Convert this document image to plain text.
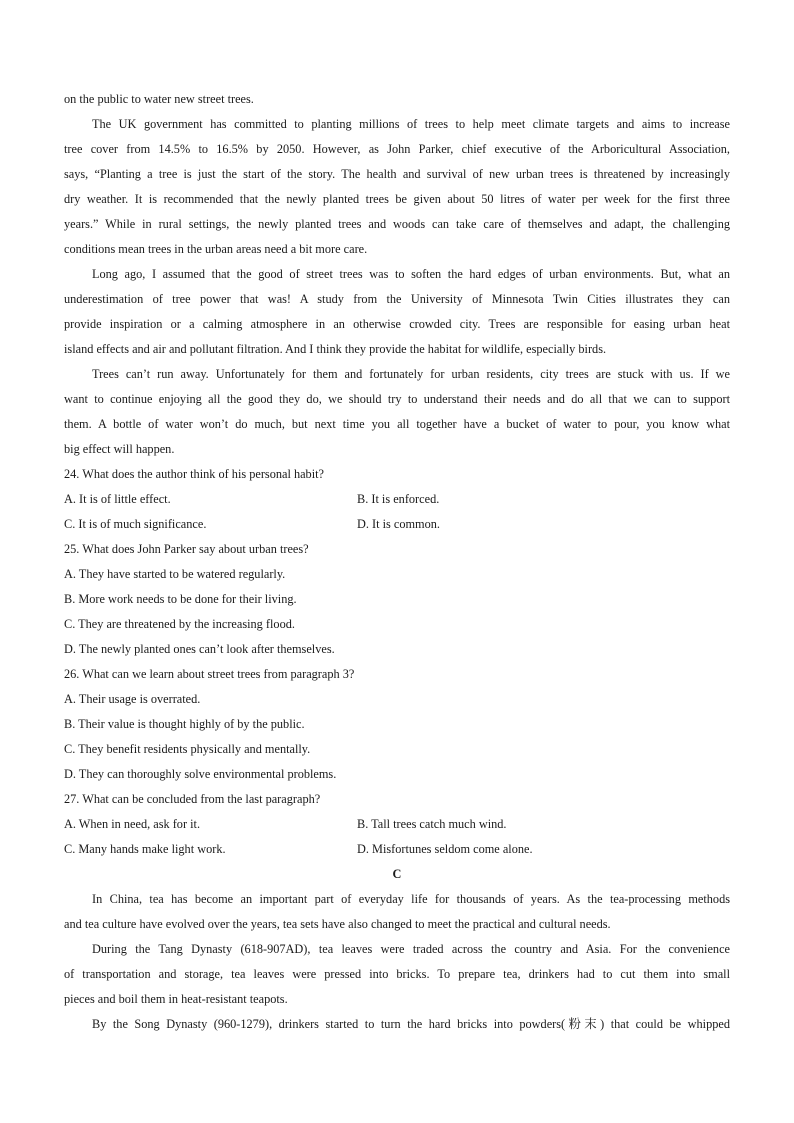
on the public to water new street trees.
The UK government has committed to planting millions of trees to help meet climate targets and aims to increase
tree cover from 14.5% to 16.5% by 2050. However, as John Parker, chief executive of the Arboricultural Association,
says, “Planting a tree is just the start of the story. The health and survival of new urban trees is threatened by increasingly
dry weather. It is recommended that the newly planted trees be given about 50 litres of water per week for the first three
years.” While in rural settings, the newly planted trees and woods can take care of themselves and adapt, the challenging
conditions mean trees in the urban areas need a bit more care.
Long ago, I assumed that the good of street trees was to soften the hard edges of urban environments. But, what an
underestimation of tree power that was! A study from the University of Minnesota Twin Cities illustrates they can
provide inspiration or a calming atmosphere in an otherwise crowded city. Trees are responsible for easing urban heat
island effects and air and pollutant filtration. And I think they provide the habitat for wildlife, especially birds.
Trees can’t run away. Unfortunately for them and fortunately for urban residents, city trees are stuck with us. If we
want to continue enjoying all the good they do, we should try to understand their needs and do all that we can to support
them. A bottle of water won’t do much, but next time you all together have a bucket of water to pour, you know what
big effect will happen.
24. What does the author think of his personal habit?
A. It is of little effect.	B. It is enforced.
C. It is of much significance.	D. It is common.
25. What does John Parker say about urban trees?
A. They have started to be watered regularly.
B. More work needs to be done for their living.
C. They are threatened by the increasing flood.
D. The newly planted ones can’t look after themselves.
26. What can we learn about street trees from paragraph 3?
A. Their usage is overrated.
B. Their value is thought highly of by the public.
C. They benefit residents physically and mentally.
D. They can thoroughly solve environmental problems.
27. What can be concluded from the last paragraph?
A. When in need, ask for it.	B. Tall trees catch much wind.
C. Many hands make light work.	D. Misfortunes seldom come alone.
C
In China, tea has become an important part of everyday life for thousands of years. As the tea-processing methods
and tea culture have evolved over the years, tea sets have also changed to meet the practical and cultural needs.
During the Tang Dynasty (618-907AD), tea leaves were traded across the country and Asia. For the convenience
of transportation and storage, tea leaves were pressed into bricks. To prepare tea, drinkers had to cut them into small
pieces and boil them in heat-resistant teapots.
By the Song Dynasty (960-1279), drinkers started to turn the hard bricks into powders(粉末) that could be whipped
